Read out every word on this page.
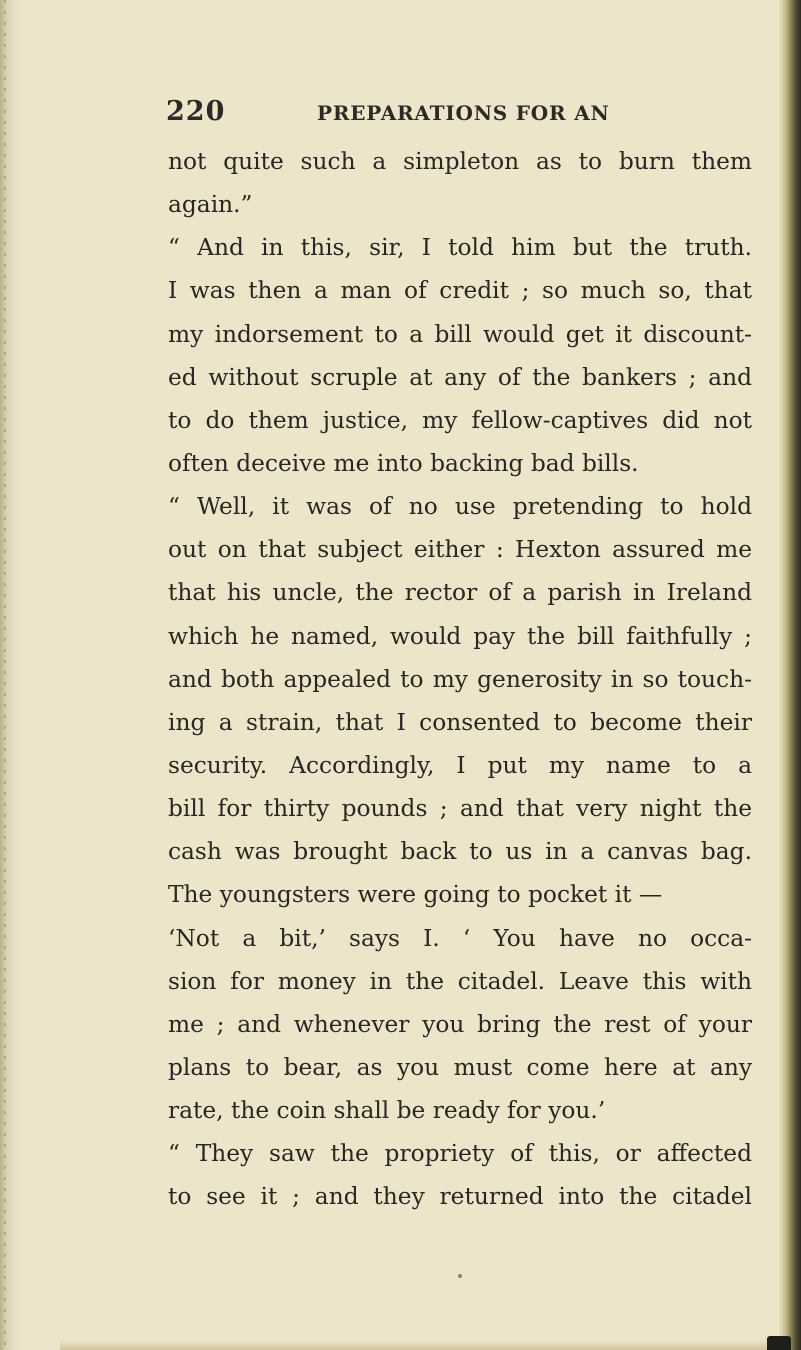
220	PREPARATIONS FOR AN
not quite such a simpleton as to burn them
again.”
“ And in this, sir, I told him but the truth.
I was then a man of credit ; so much so, that
my indorsement to a bill would get it discount-
ed without scruple at any of the bankers ; and
to do them justice, my fellow-captives did not
often deceive me into backing bad bills.
“ Well, it was of no use pretending to hold
out on that subject either : Hexton assured me
that his uncle, the rector of a parish in Ireland
which he named, would pay the bill faithfully ;
and both appealed to my generosity in so touch-
ing a strain, that I consented to become their
security. Accordingly, I put my name to a
bill for thirty pounds ; and that very night the
cash was brought back to us in a canvas bag.
The youngsters were going to pocket it —
‘Not a bit,’ says I. ‘ You have no occa-
sion for money in the citadel. Leave this with
me ; and whenever you bring the rest of your
plans to bear, as you must come here at any
rate, the coin shall be ready for you.’
“ They saw the propriety of this, or affected
to see it ; and they returned into the citadel
